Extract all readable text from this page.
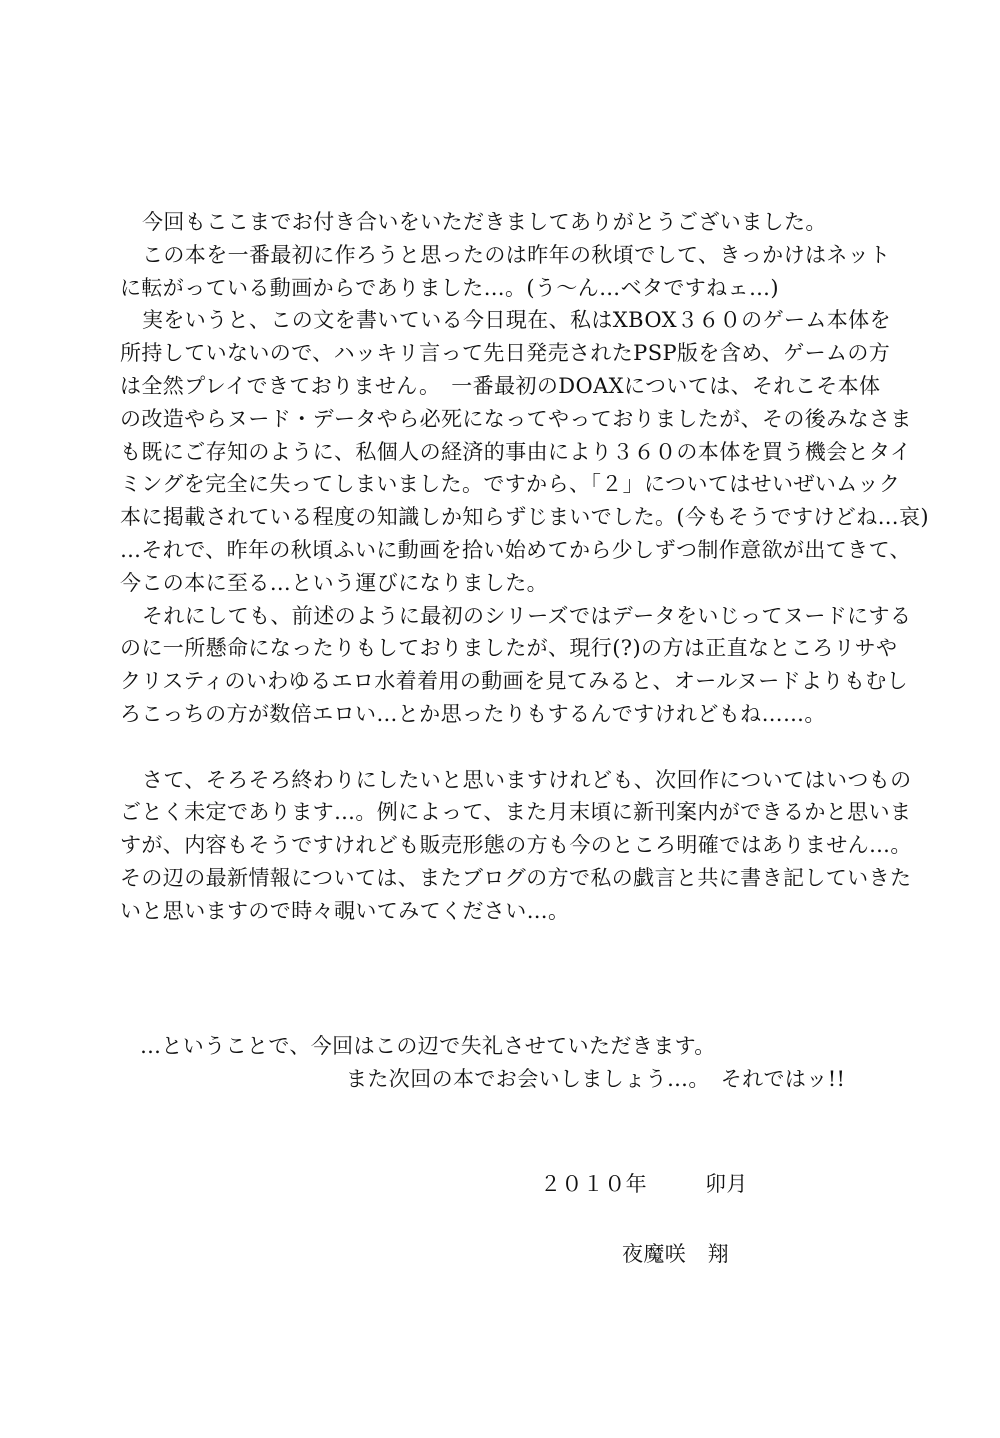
今回もここまでお付き合いをいただきましてありがとうございました。
この本を一番最初に作ろうと思ったのは昨年の秋頃でして、きっかけはネット
に転がっている動画からでありました…。(う～ん…ベタですねェ…)
実をいうと、この文を書いている今日現在、私はXBOX３６０のゲーム本体を
所持していないので、ハッキリ言って先日発売されたPSP版を含め、ゲームの方
は全然プレイできておりません。　一番最初のDOAXについては、それこそ本体
の改造やらヌード・データやら必死になってやっておりましたが、その後みなさま
も既にご存知のように、私個人の経済的事由により３６０の本体を買う機会とタイ
ミングを完全に失ってしまいました。ですから、「２」についてはせいぜいムック
本に掲載されている程度の知識しか知らずじまいでした。(今もそうですけどね…哀)
…それで、昨年の秋頃ふいに動画を拾い始めてから少しずつ制作意欲が出てきて、
今この本に至る…という運びになりました。
それにしても、前述のように最初のシリーズではデータをいじってヌードにする
のに一所懸命になったりもしておりましたが、現行(?)の方は正直なところリサや
クリスティのいわゆるエロ水着着用の動画を見てみると、オールヌードよりもむし
ろこっちの方が数倍エロい…とか思ったりもするんですけれどもね……。
さて、そろそろ終わりにしたいと思いますけれども、次回作についてはいつもの
ごとく未定であります…。例によって、また月末頃に新刊案内ができるかと思いま
すが、内容もそうですけれども販売形態の方も今のところ明確ではありません…。
その辺の最新情報については、またブログの方で私の戯言と共に書き記していきた
いと思いますので時々覗いてみてください…。
…ということで、今回はこの辺で失礼させていただきます。
また次回の本でお会いしましょう…。　それではッ!!
２０１０年	卯月
夜魔咲　翔
